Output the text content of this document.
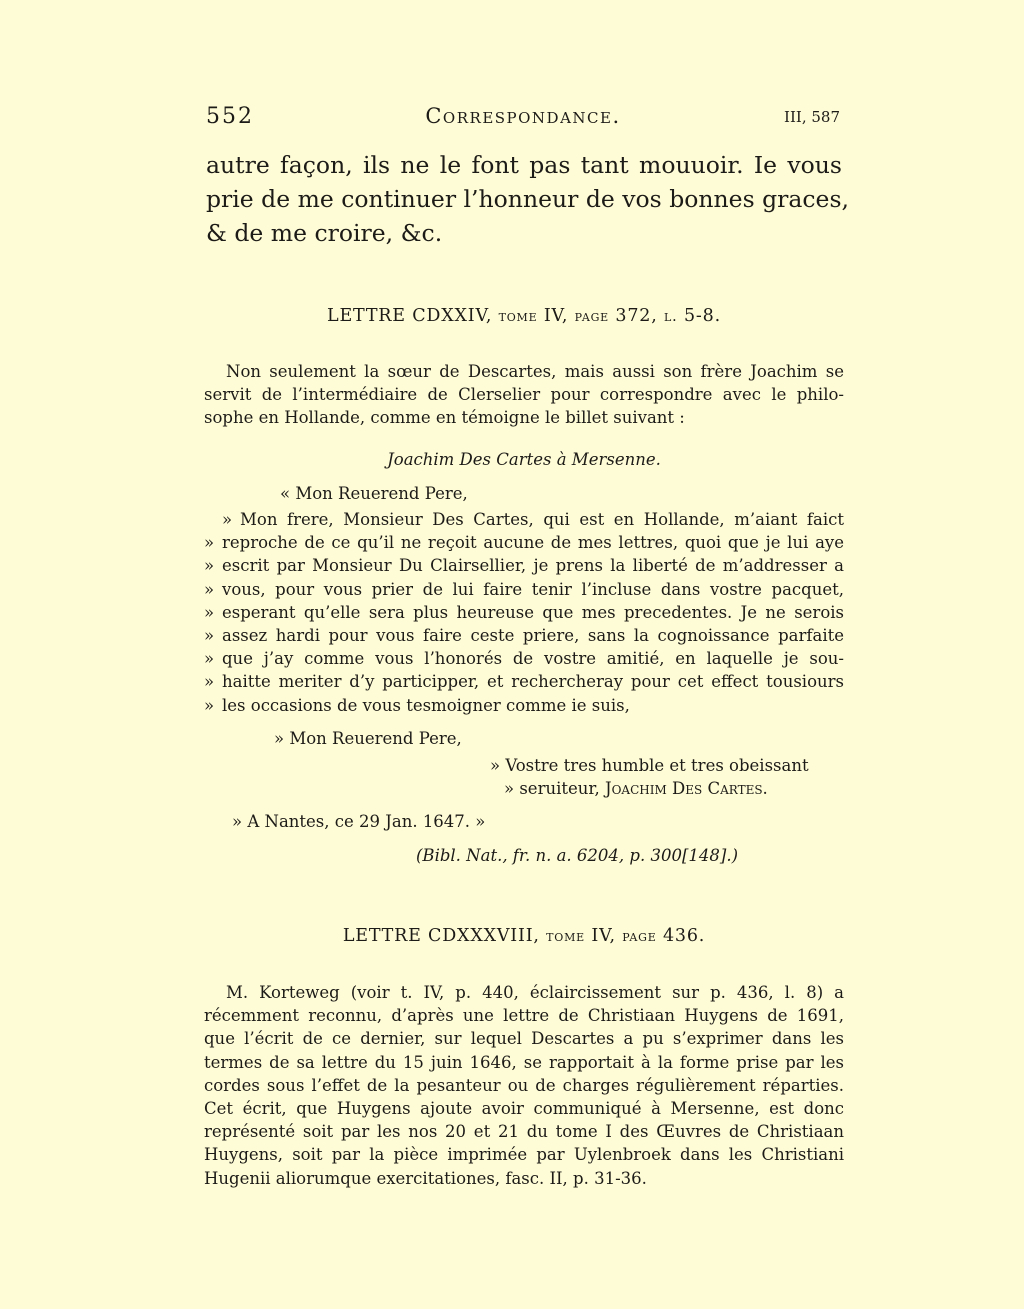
552	Correspondance.	III, 587
autre façon, ils ne le font pas tant mouuoir. Ie vous
prie de me continuer l’honneur de vos bonnes graces,
& de me croire, &c.
LETTRE CDXXIV, tome IV, page 372, l. 5-8.
Non seulement la sœur de Descartes, mais aussi son frère Joachim se
servit de l’intermédiaire de Clerselier pour correspondre avec le philo-
sophe en Hollande, comme en témoigne le billet suivant :
Joachim Des Cartes à Mersenne.
« Mon Reuerend Pere,
» Mon frere, Monsieur Des Cartes, qui est en Hollande, m’aiant faict
» reproche de ce qu’il ne reçoit aucune de mes lettres, quoi que je lui aye
» escrit par Monsieur Du Clairsellier, je prens la liberté de m’addresser a
» vous, pour vous prier de lui faire tenir l’incluse dans vostre pacquet,
» esperant qu’elle sera plus heureuse que mes precedentes. Je ne serois
» assez hardi pour vous faire ceste priere, sans la cognoissance parfaite
» que j’ay comme vous l’honorés de vostre amitié, en laquelle je sou-
» haitte meriter d’y participper, et rechercheray pour cet effect tousiours
» les occasions de vous tesmoigner comme ie suis,
» Mon Reuerend Pere,
» Vostre tres humble et tres obeissant
» seruiteur, Joachim Des Cartes.
» A Nantes, ce 29 Jan. 1647. »
(Bibl. Nat., fr. n. a. 6204, p. 300[148].)
LETTRE CDXXXVIII, tome IV, page 436.
M. Korteweg (voir t. IV, p. 440, éclaircissement sur p. 436, l. 8) a
récemment reconnu, d’après une lettre de Christiaan Huygens de 1691,
que l’écrit de ce dernier, sur lequel Descartes a pu s’exprimer dans les
termes de sa lettre du 15 juin 1646, se rapportait à la forme prise par les
cordes sous l’effet de la pesanteur ou de charges régulièrement réparties.
Cet écrit, que Huygens ajoute avoir communiqué à Mersenne, est donc
représenté soit par les nos 20 et 21 du tome I des Œuvres de Christiaan
Huygens, soit par la pièce imprimée par Uylenbroek dans les Christiani
Hugenii aliorumque exercitationes, fasc. II, p. 31-36.
